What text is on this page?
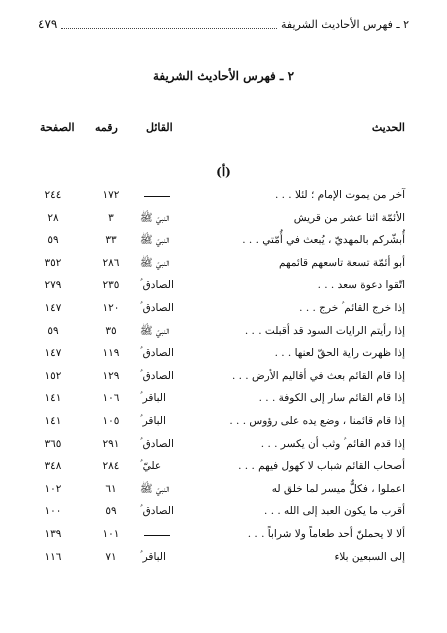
٢ ـ فهرس الأحاديث الشريفة
٤٧٩
٢ ـ فهرس الأحاديث الشريفة
الحديث
القائل
رقمه
الصفحة
(أ)
آخر من يموت الإمام ؛ لئلا . . .
١٧٢
٢٤٤
الأئمّة اثنا عشر من قريش
النبيّ ﷺ
٣
٢٨
أُبشّركم بالمهديّ ، يُبعث في أُمّتي . . .
النبيّ ﷺ
٣٣
٥٩
أبو أئمّة تسعة تاسعهم قائمهم
النبيّ ﷺ
٢٨٦
٣٥٢
اتّقوا دعوة سعد . . .
الصادق ؑ
٢٣٥
٢٧٩
إذا خرج القائم ؑ خرج . . .
الصادق ؑ
١٢٠
١٤٧
إذا رأيتم الرايات السود قد أقبلت . . .
النبيّ ﷺ
٣٥
٥٩
إذا ظهرت راية الحقّ لعنها . . .
الصادق ؑ
١١٩
١٤٧
إذا قام القائم بعث في أقاليم الأرض . . .
الصادق ؑ
١٢٩
١٥٢
إذا قام القائم سار إلى الكوفة . . .
الباقر ؑ
١٠٦
١٤١
إذا قام قائمنا ، وضع يده على رؤوس . . .
الباقر ؑ
١٠٥
١٤١
إذا قدم القائم ؑ وثب أن يكسر . . .
الصادق ؑ
٢٩١
٣٦٥
أصحاب القائم شباب لا كهول فيهم . . .
عليّ ؑ
٢٨٤
٣٤٨
اعملوا ، فكلٌّ ميسر لما خلق له
النبيّ ﷺ
٦١
١٠٢
أقرب ما يكون العبد إلى الله . . .
الصادق ؑ
٥٩
١٠٠
ألا لا يحملنّ أحد طعاماً ولا شراباً . . .
١٠١
١٣٩
إلى السبعين بلاء
الباقر ؑ
٧١
١١٦
